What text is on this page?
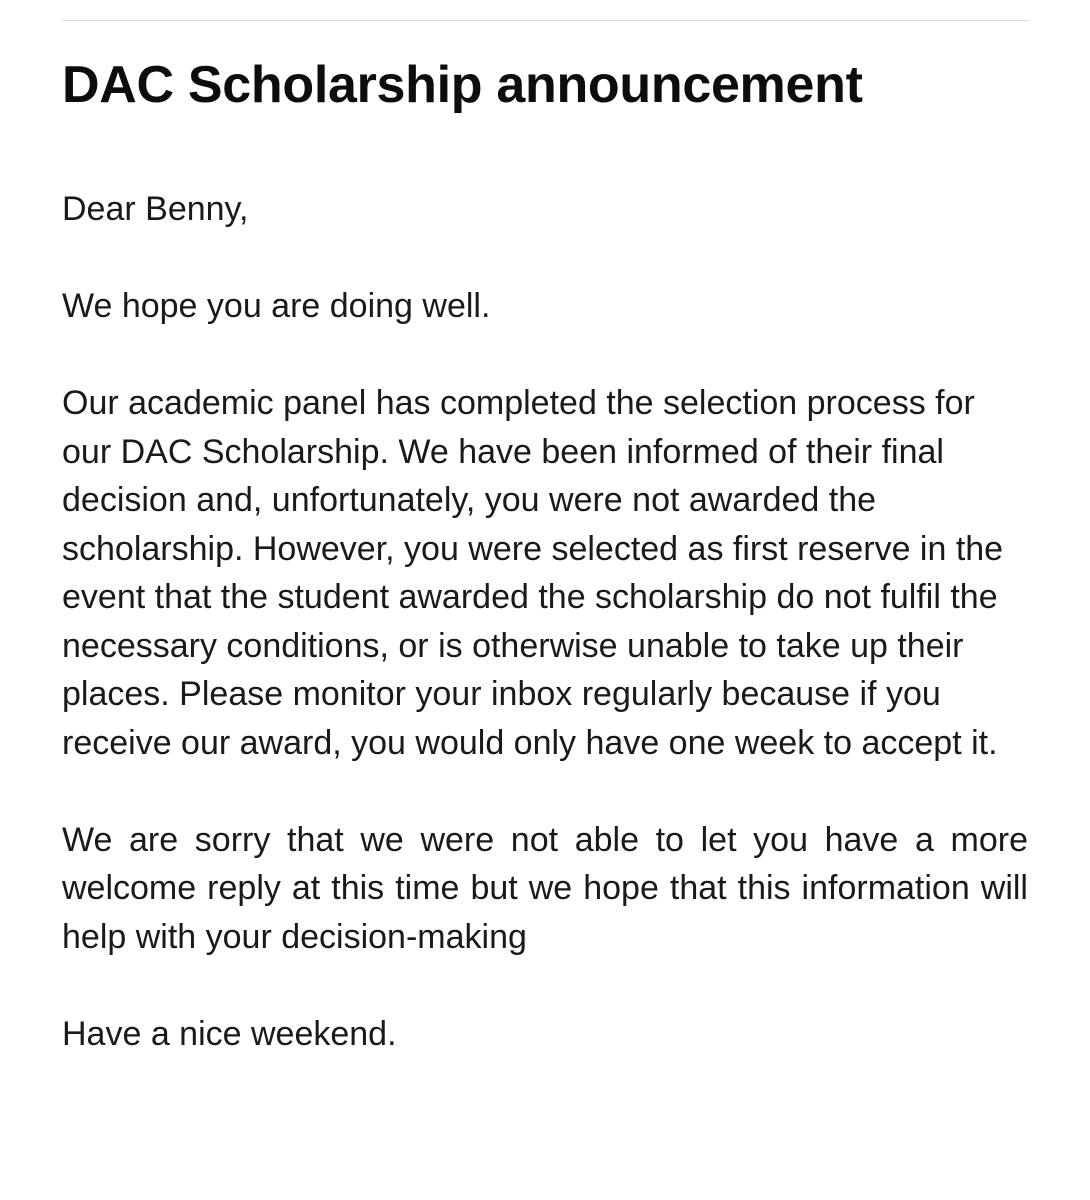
DAC Scholarship announcement

Dear Benny,

We hope you are doing well.

Our academic panel has completed the selection process for our DAC Scholarship. We have been informed of their final decision and, unfortunately, you were not awarded the scholarship. However, you were selected as first reserve in the event that the student awarded the scholarship do not fulfil the necessary conditions, or is otherwise unable to take up their places. Please monitor your inbox regularly because if you receive our award, you would only have one week to accept it.

We are sorry that we were not able to let you have a more welcome reply at this time but we hope that this information will help with your decision-making

Have a nice weekend.
